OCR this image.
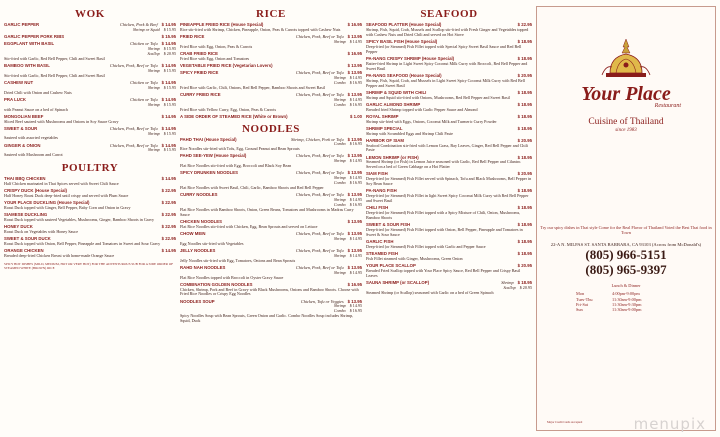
WOK
GARLIC PEPPER	Chicken, Pork & Beef $ 14.95
Shrimp or Squid $ 15.95
GARLIC PEPPER PORK RIBS	$ 15.95
EGGPLANT WITH BASIL	Chicken or Tofu $ 14.95
Shrimp $ 15.95
Scallop $ 20.95
Stir-fried with Garlic, Red Bell Pepper, Chili and Sweet Basil
BAMBOO WITH BASIL	Chicken, Pork, Beef or Tofu $ 14.95
Shrimp $ 15.95
Stir-fried with Garlic, Red Bell Pepper, Chili and Sweet Basil
CASHEW NUT	Chicken or Tofu $ 14.95
Shrimp $ 15.95
Dried Chili with Onion and Cashew Nuts
PRA LUCK	Chicken or Tofu $ 14.95
Shrimp $ 15.95
with Peanut Sauce on a bed of Spinach
MONGOLIAN BEEF	$ 14.95
Sliced Beef sauteed with Mushrooms and Onions in Soy Sauce Gravy
SWEET & SOUR	Chicken, Pork, Beef or Tofu $ 14.95
Shrimp $ 15.95
Sauteed with assorted vegetables
GINGER & ONION	Chicken, Pork, Beef or Tofu $ 14.95
Shrimp $ 15.95
Sauteed with Mushroom and Carrot
POULTRY
THAI BBQ CHICKEN	$ 14.95
Half Chicken marinated in Thai Spices served with Sweet Chili Sauce
CRISPY DUCK (House Special)	$ 22.95
Half Honey Roast Duck deep-fried until crispy and served with Plum Sauce
YOUR PLACE DUCKLING (House Special)	$ 22.95
Roast Duck topped with Ginger, Bell Pepper, Baby Corn and Onion in Gravy
SIAMESE DUCKLING	$ 22.95
Roast Duck topped with sauteed Vegetables, Mushrooms, Ginger, Bamboo Shoots in Gravy
HONEY DUCK	$ 22.95
Roast Duck on Vegetables with Honey Sauce
SWEET & SOUR DUCK	$ 22.95
Roast Duck topped with Onion, Bell Pepper, Pineapple and Tomatoes in Sweet and Sour Gravy
ORANGE CHICKEN	$ 14.95
Breaded deep-fried Chicken Breast with home-made Orange Sauce
SPICY HOT DISHES (MILD, MEDIUM, HOT OR VERY HOT) FOR THE ADVENTUROUS SUB FOR A SIDE ORDER OF STEAMED WHITE (BROWN) RICE
RICE
PINEAPPLE FRIED RICE (House Special)	$ 16.95
Rice stir-fried with Shrimp, Chicken, Pineapple, Onion, Peas & Carrots topped with Cashew Nuts
FRIED RICE	Chicken, Pork, Beef or Tofu $ 13.95
Shrimp $ 14.95
Fried Rice with Egg, Onion, Peas & Carrots
CRAB FRIED RICE	$ 16.95
Fried Rice with Egg, Onion and Tomatoes
VEGETABLE FRIED RICE (Vegetarian Lovers)	$ 13.95
SPICY FRIED RICE	Chicken, Pork, Beef or Tofu $ 13.95
Shrimp $ 14.95
Combo $ 16.95
Fried Rice with Garlic, Chili, Onions, Red Bell Pepper, Bamboo Shoots and Sweet Basil
CURRY FRIED RICE	Chicken, Pork, Beef or Tofu $ 13.95
Shrimp $ 14.95
Combo $ 16.95
Fried Rice with Yellow Curry, Egg, Onion, Peas & Carrots
A SIDE ORDER OF STEAMED RICE (White or Brown)	$ 1.00
NOODLES
PAHD THAI (House Special)	Shrimp, Chicken, Pork or Tofu $ 13.95
Combo $ 16.95
Rice Noodles stir-fried with Tofu, Egg, Ground Peanut and Bean Sprouts
PAHD SEE-YEW (House Special)	Chicken, Pork, Beef or Tofu $ 13.95
Shrimp $ 14.95
Flat Rice Noodles stir-fried with Egg, Broccoli and Black Soy Bean
SPICY DRUNKEN NOODLES	Chicken, Pork, Beef or Tofu $ 13.95
Shrimp $ 14.95
Combo $ 16.95
Flat Rice Noodles with Sweet Basil, Chili, Garlic, Bamboo Shoots and Red Bell Pepper
CURRY NOODLES	Chicken, Pork, Beef or Tofu $ 13.95
Shrimp $ 14.95
Combo $ 16.95
Flat Rice Noodles with Bamboo Shoots, Onion, Green Beans, Tomatoes and Mushrooms in Madras Curry Sauce
CHICKEN NOODLES	$ 13.95
Flat Rice Noodles stir-fried with Chicken, Egg, Bean Sprouts and served on Lettuce
CHOW MEIN	Chicken, Pork, Beef or Tofu $ 13.95
Shrimp $ 14.95
Egg Noodles stir-fried with Vegetables
JELLY NOODLES	Chicken, Pork, Beef or Tofu $ 13.95
Shrimp $ 14.95
Jelly Noodles stir-fried with Egg, Tomatoes, Onions and Bean Sprouts
RAHD NAH NOODLES	Chicken, Pork, Beef or Tofu $ 13.95
Shrimp $ 14.95
Flat Rice Noodles topped with Broccoli in Oyster Gravy Sauce
COMBINATION GOLDEN NOODLES	$ 16.95
Chicken, Shrimp, Pork and Beef in Gravy with Black Mushrooms, Onions and Bamboo Shoots. Choose with Fried Rice Noodles or Crispy Egg Noodles
NOODLES SOUP	Chicken, Tofu or Veggies $ 13.95
Shrimp $ 14.95
Combo $ 16.95
Spicy Noodles Soup with Bean Sprouts, Green Onion and Garlic. Combo Noodles Soup includes Shrimp, Squid, Duck
SEAFOOD
SEAFOOD PLATTER (House Special)	$ 22.95
Shrimp, Fish, Squid, Crab, Mussels and Scallop stir-fried with Fresh Ginger and Vegetables topped with Cashew Nuts and Dried Chili and served on Hot Stove
SPICY BASIL FISH (House Special)	$ 18.95
Deep-fried (or Steamed) Fish Fillet topped with Special Spicy Sweet Basil Sauce and Red Bell Pepper
PA-NANG CRISPY SHRIMP (House Special)	$ 18.95
Batter-fried Shrimp in Light Sweet Spicy Coconut Milk Curry with Broccoli, Red Bell Pepper and Sweet Basil
PA-NANG SEAFOOD (House Special)	$ 20.95
Shrimp, Fish, Squid, Crab, and Mussels in Light Sweet Spicy Coconut Milk Curry with Red Bell Pepper and Sweet Basil
SHRIMP & SQUID WITH CHILI	$ 18.95
Shrimp and Squid stir-fried with Onions, Mushrooms, Red Bell Pepper and Sweet Basil
GARLIC ALMOND SHRIMP	$ 18.95
Breaded fried Shrimp topped with Garlic Pepper Sauce and Almond
ROYAL SHRIMP	$ 18.95
Shrimp stir-fried with Eggs, Onions, Coconut Milk and Turmeric Curry Powder
SHRIMP SPECIAL	$ 18.95
Shrimp with Scrambled Eggs and Shrimp Chili Paste
HARBOR OF SIAM	$ 20.95
Seafood Combination stir-fried with Lemon Grass, Bay Leaves, Ginger, Red Bell Pepper and Chili Paste
LEMON SHRIMP (or FISH)	$ 18.95
Steamed Shrimp (or Fish) in Lemon Juice seasoned with Garlic, Red Bell Pepper and Cilantro. Served on a bed of Green Cabbage on a Hot Platter
SIAM FISH	$ 20.95
Deep-fried (or Steamed) Fish Fillet served with Spinach, Tofu and Black Mushrooms, Bell Pepper in Soy Bean Sauce
PA-NANG FISH	$ 18.95
Deep-fried (or Steamed) Fish Fillet in light Sweet Spicy Coconut Milk Curry with Red Bell Pepper and Sweet Basil
CHILI FISH	$ 18.95
Deep-fried (or Steamed) Fish Fillet topped with a Spicy Mixture of Chili, Onion, Mushrooms, Bamboo Shoots
SWEET & SOUR FISH	$ 18.95
Deep-fried (or Steamed) Fish Fillet topped with Onion, Bell Pepper, Pineapple and Tomatoes in Sweet & Sour Sauce
GARLIC FISH	$ 18.95
Deep-fried (or Steamed) Fish Fillet topped with Garlic and Pepper Sauce
STEAMED FISH	$ 18.95
Fish Fillet steamed with Ginger, Mushrooms, Green Onion
YOUR PLACE SCALLOP	$ 20.95
Breaded Fried Scallop topped with Your Place Spicy Sauce, Red Bell Pepper and Crispy Basil Leaves
SAUNA SHRIMP (or SCALLOP)	Shrimp $ 18.95
Scallop $ 20.95
Steamed Shrimp (or Scallop) seasoned with Garlic on a bed of Green Spinach
Your Place
Restaurant
Cuisine of Thailand
since 1983
Try our spicy dishes in Thai style Come for the Real Flavor of Thailand Voted the Best Thai food in Town
22-A N. MILPAS ST. SANTA BARBARA, CA 93103 (Across from McDonald's)
(805) 966-5151
(805) 965-9397
Lunch & Dinner
Mon	4:00pm-9:00pm
Tues-Thu	11:30am-9:00pm
Fri-Sat	11:30am-9:30pm
Sun	11:30am-9:00pm
Major Credit Cards Accepted	menupix
